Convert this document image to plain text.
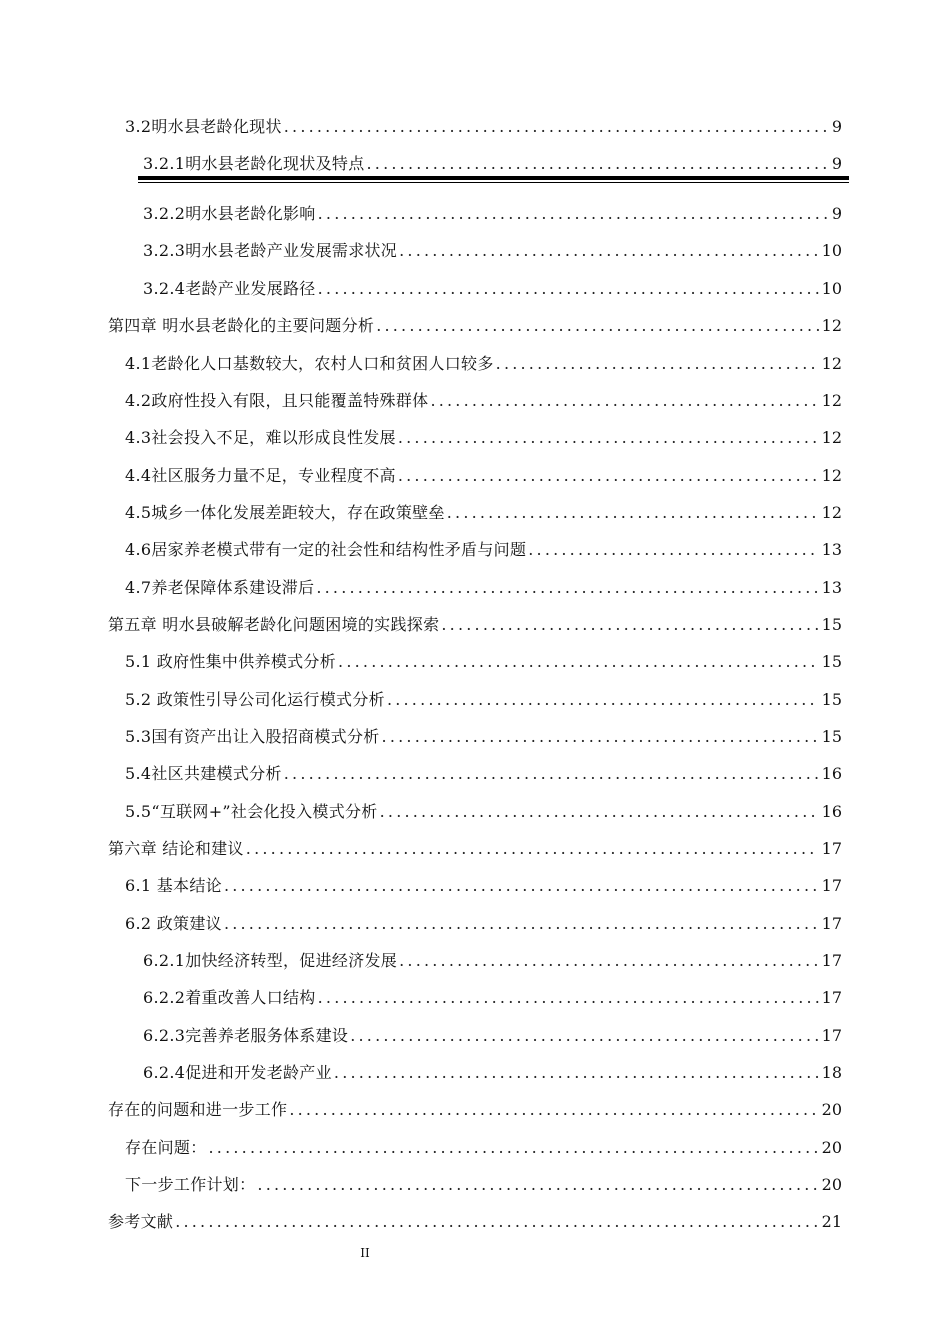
3.2明水县老龄化现状 .....	9
3.2.1明水县老龄化现状及特点 .....	9
3.2.2明水县老龄化影响 .....	9
3.2.3明水县老龄产业发展需求状况 .....	10
3.2.4老龄产业发展路径 .....	10
第四章 明水县老龄化的主要问题分析 .....	12
4.1老龄化人口基数较大，农村人口和贫困人口较多 .....	12
4.2政府性投入有限，且只能覆盖特殊群体 .....	12
4.3社会投入不足，难以形成良性发展 .....	12
4.4社区服务力量不足，专业程度不高 .....	12
4.5城乡一体化发展差距较大，存在政策壁垒 .....	12
4.6居家养老模式带有一定的社会性和结构性矛盾与问题 .....	13
4.7养老保障体系建设滞后 .....	13
第五章 明水县破解老龄化问题困境的实践探索 .....	15
5.1 政府性集中供养模式分析 .....	15
5.2 政策性引导公司化运行模式分析 .....	15
5.3国有资产出让入股招商模式分析 .....	15
5.4社区共建模式分析 .....	16
5.5“互联网+”社会化投入模式分析 .....	16
第六章 结论和建议 .....	17
6.1 基本结论 .....	17
6.2 政策建议 .....	17
6.2.1加快经济转型，促进经济发展 .....	17
6.2.2着重改善人口结构 .....	17
6.2.3完善养老服务体系建设 .....	17
6.2.4促进和开发老龄产业 .....	18
存在的问题和进一步工作 .....	20
存在问题： .....	20
下一步工作计划： .....	20
参考文献 .....	21
II
